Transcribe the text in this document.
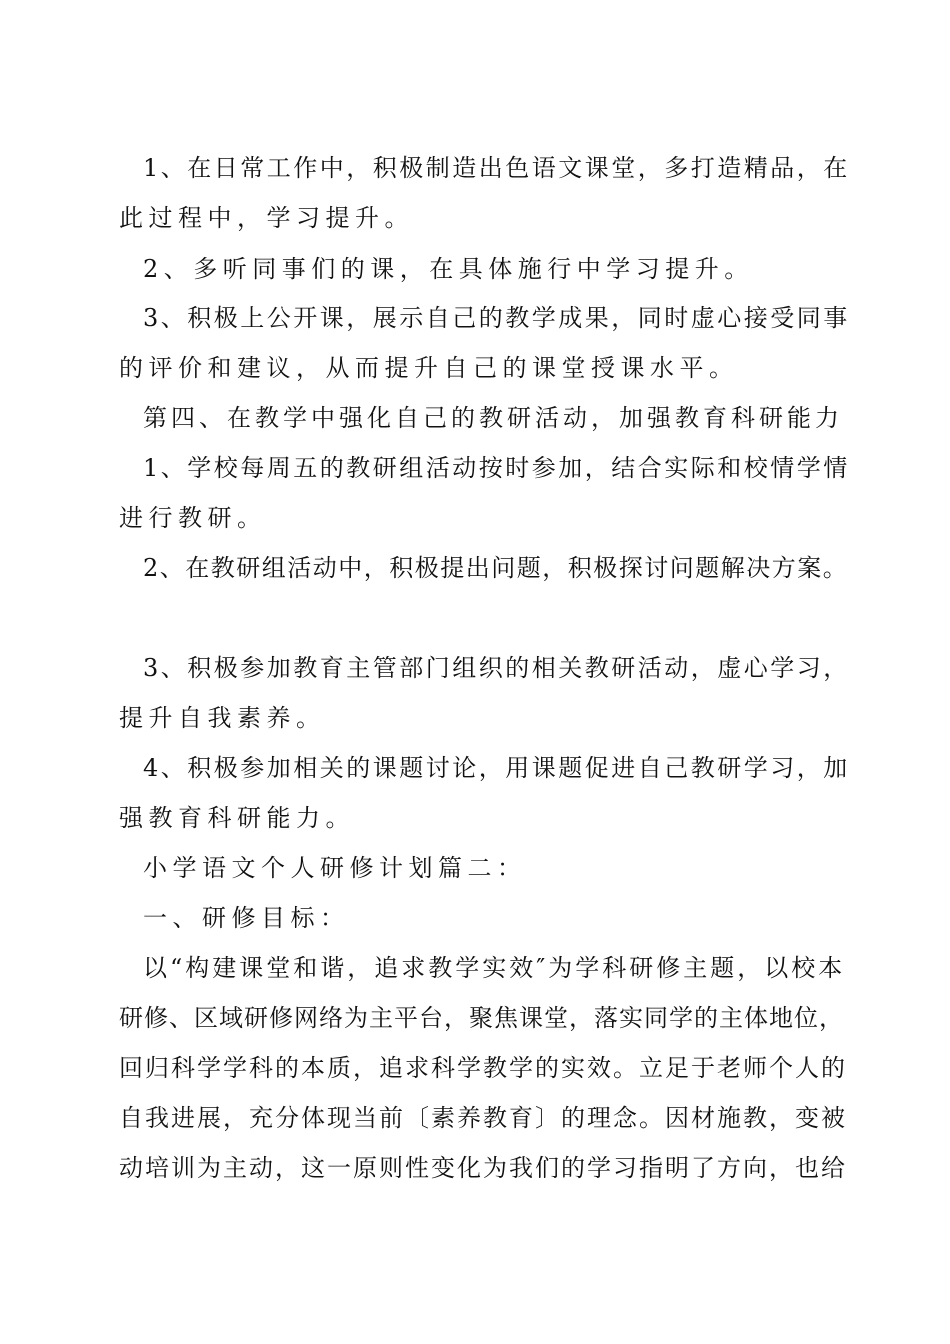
1、在日常工作中，积极制造出色语文课堂，多打造精品，在
此过程中，学习提升。
2、多听同事们的课，在具体施行中学习提升。
3、积极上公开课，展示自己的教学成果，同时虚心接受同事
的评价和建议，从而提升自己的课堂授课水平。
第四、在教学中强化自己的教研活动，加强教育科研能力
1、学校每周五的教研组活动按时参加，结合实际和校情学情
进行教研。
2、在教研组活动中，积极提出问题，积极探讨问题解决方案。
3、积极参加教育主管部门组织的相关教研活动，虚心学习，
提升自我素养。
4、积极参加相关的课题讨论，用课题促进自己教研学习，加
强教育科研能力。
小学语文个人研修计划篇二：
一、研修目标：
以“构建课堂和谐，追求教学实效″为学科研修主题，以校本
研修、区域研修网络为主平台，聚焦课堂，落实同学的主体地位，
回归科学学科的本质，追求科学教学的实效。立足于老师个人的
自我进展，充分体现当前〔素养教育〕的理念。因材施教，变被
动培训为主动，这一原则性变化为我们的学习指明了方向，也给
